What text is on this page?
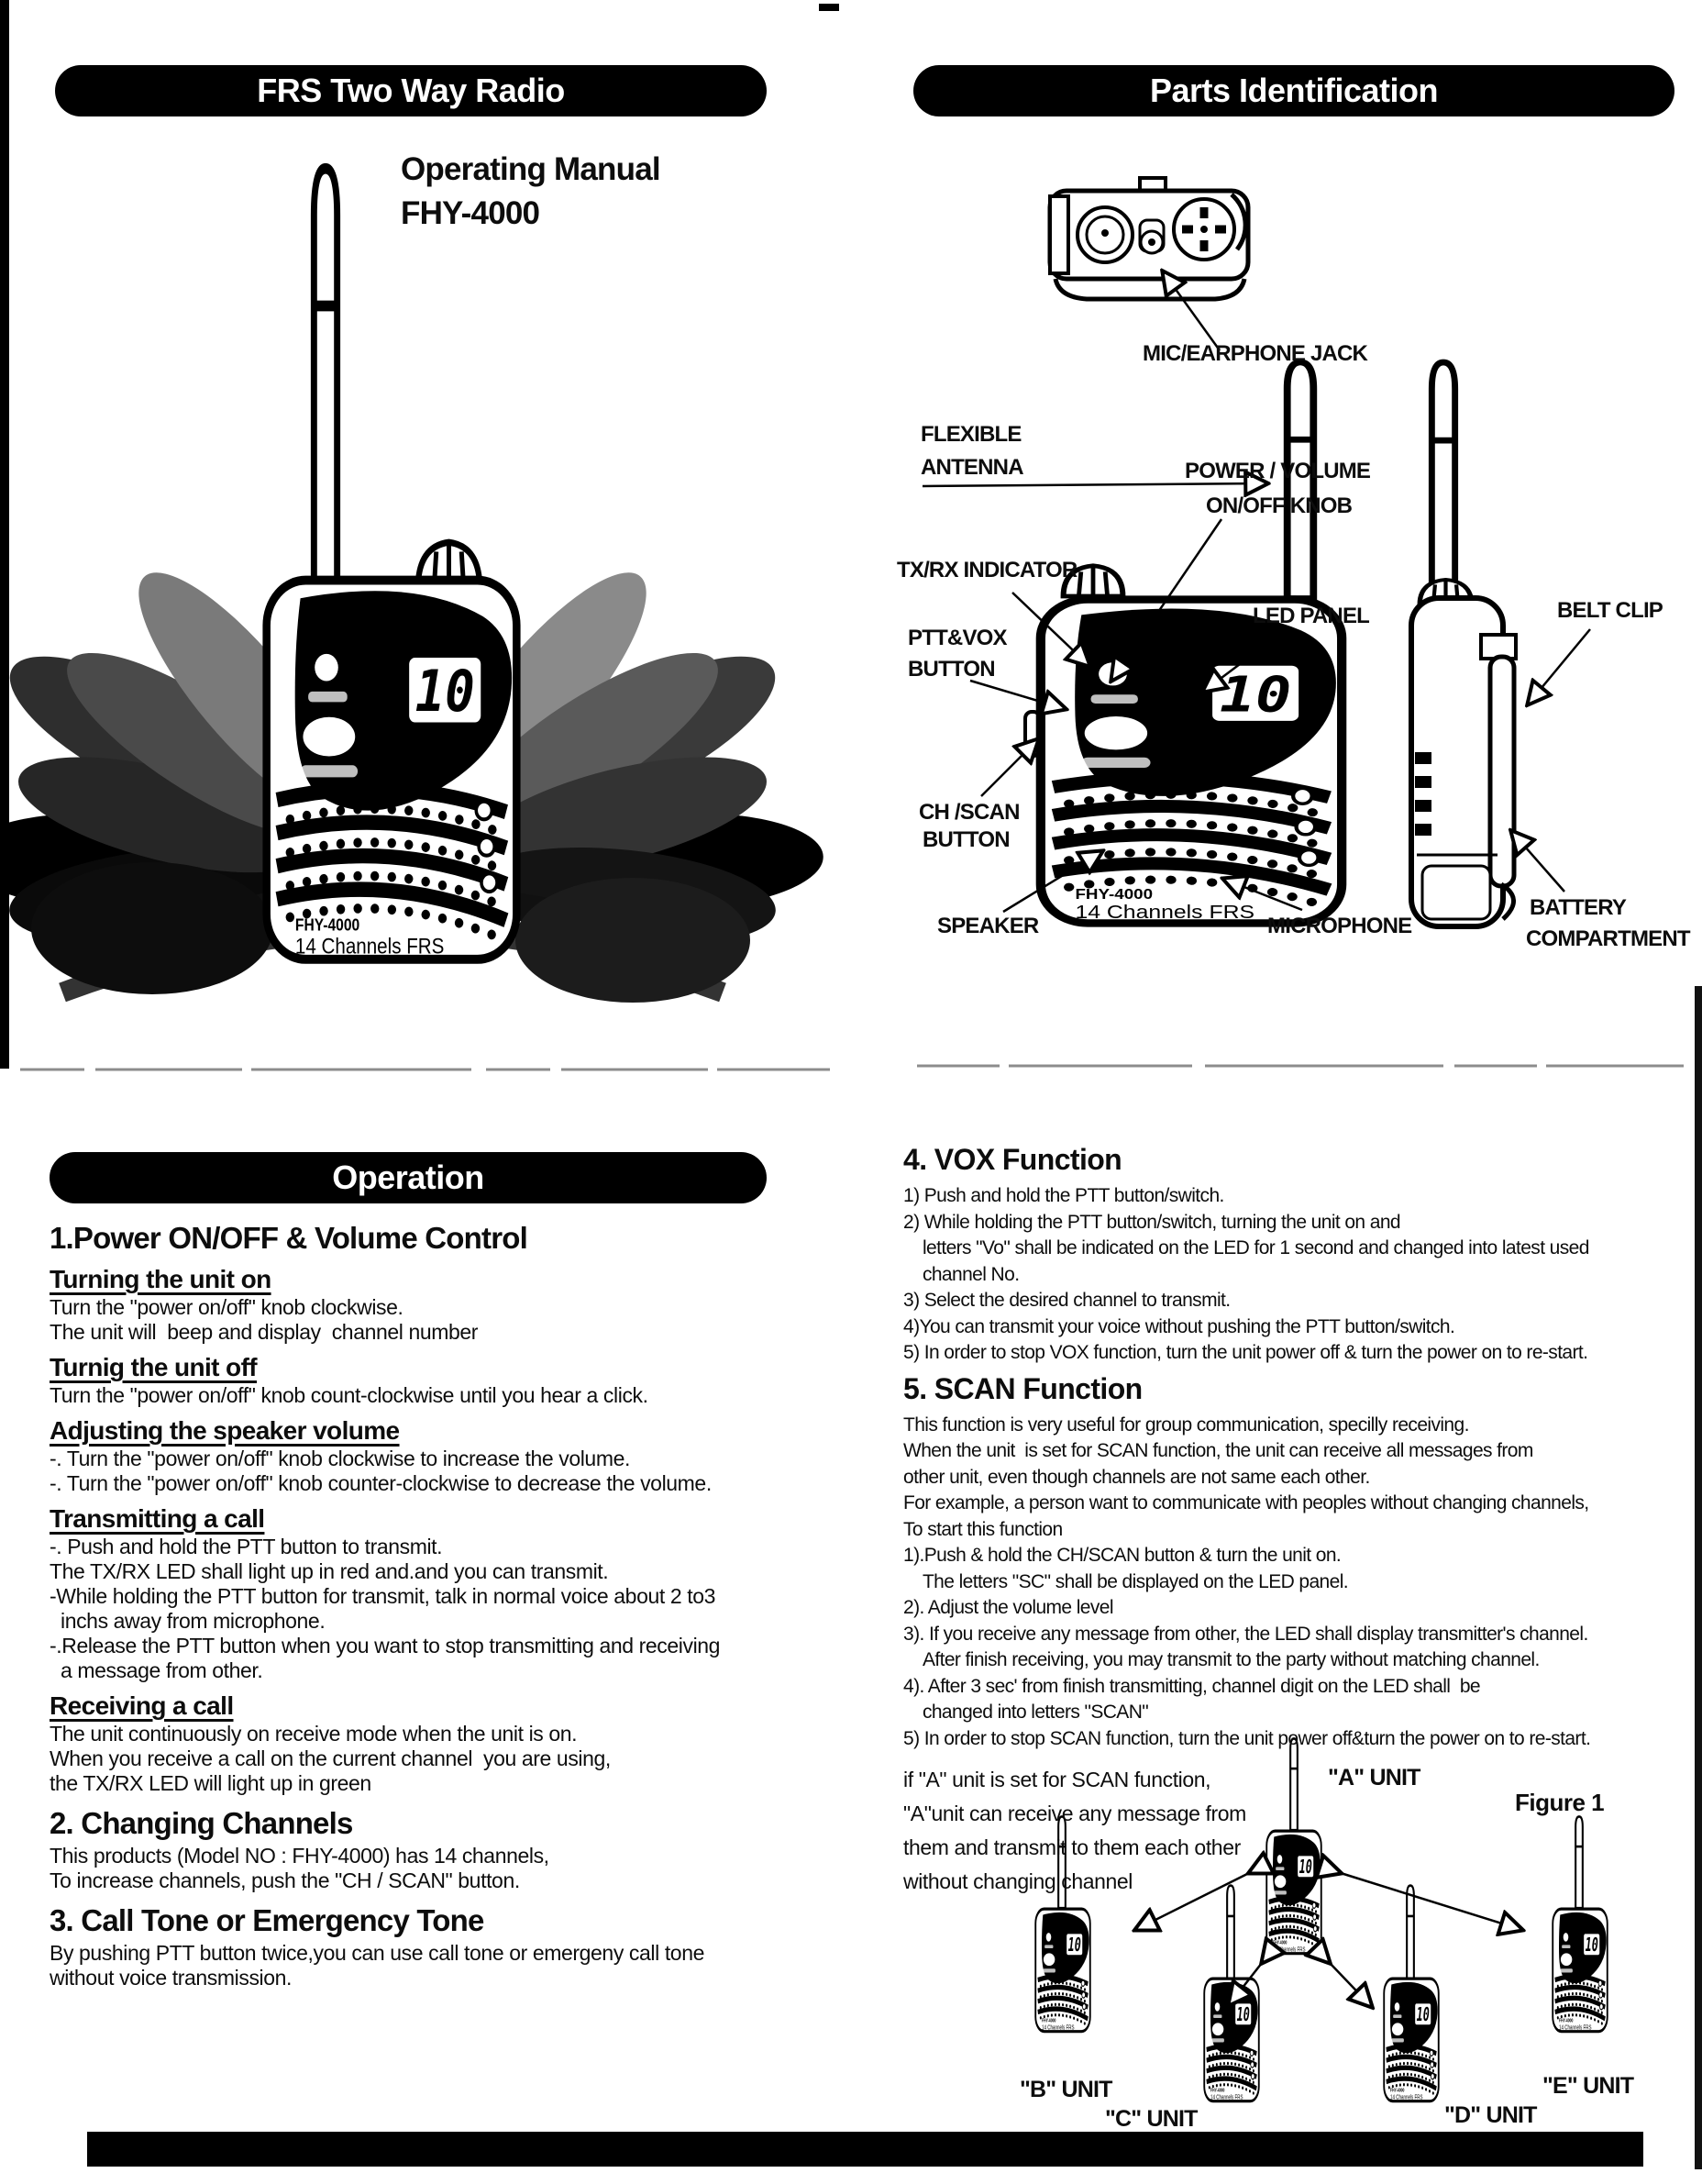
FHY-4000
14 Channels FRS
FRS Two Way Radio	Parts Identification
Operation
Operating Manual
FHY-4000
MIC/EARPHONE JACK
FLEXIBLE
ANTENNA	POWER / VOLUME
ON/OFF KNOB
TX/RX INDICATOR
LED PANEL	BELT CLIP
PTT&VOX
BUTTON
CH /SCAN
BUTTON
SPEAKER	MICROPHONE
BATTERY
COMPARTMENT
1.Power ON/OFF & Volume Control
Turning the unit on
Turn the "power on/off" knob clockwise.
The unit will  beep and display  channel number
Turnig the unit off
Turn the "power on/off" knob count-clockwise until you hear a click.
Adjusting the speaker volume
-. Turn the "power on/off" knob clockwise to increase the volume.
-. Turn the "power on/off" knob counter-clockwise to decrease the volume.
Transmitting a call
-. Push and hold the PTT button to transmit.
The TX/RX LED shall light up in red and.and you can transmit.
-While holding the PTT button for transmit, talk in normal voice about 2 to3
inchs away from microphone.
-.Release the PTT button when you want to stop transmitting and receiving
a message from other.
Receiving a call
The unit continuously on receive mode when the unit is on.
When you receive a call on the current channel  you are using,
the TX/RX LED will light up in green
2. Changing Channels
This products (Model NO : FHY-4000) has 14 channels,
To increase channels, push the "CH / SCAN" button.
3. Call Tone or Emergency Tone
By pushing PTT button twice,you can use call tone or emergeny call tone
without voice transmission.
4. VOX Function
1) Push and hold the PTT button/switch.
2) While holding the PTT button/switch, turning the unit on and
letters "Vo" shall be indicated on the LED for 1 second and changed into latest used
channel No.
3) Select the desired channel to transmit.
4)You can transmit your voice without pushing the PTT button/switch.
5) In order to stop VOX function, turn the unit power off & turn the power on to re-start.
5. SCAN Function
This function is very useful for group communication, specilly receiving.
When the unit  is set for SCAN function, the unit can receive all messages from
other unit, even though channels are not same each other.
For example, a person want to communicate with peoples without changing channels,
To start this function
1).Push & hold the CH/SCAN button & turn the unit on.
The letters "SC" shall be displayed on the LED panel.
2). Adjust the volume level
3). If you receive any message from other, the LED shall display transmitter's channel.
After finish receiving, you may transmit to the party without matching channel.
4). After 3 sec' from finish transmitting, channel digit on the LED shall  be
changed into letters "SCAN"
5) In order to stop SCAN function, turn the unit power off&turn the power on to re-start.
if "A" unit is set for SCAN function,
"A"unit can receive any message from
them and transmit to them each other
without changing channel
"A" UNIT
Figure 1
"B" UNIT
"C" UNIT	"D" UNIT
"E" UNIT
